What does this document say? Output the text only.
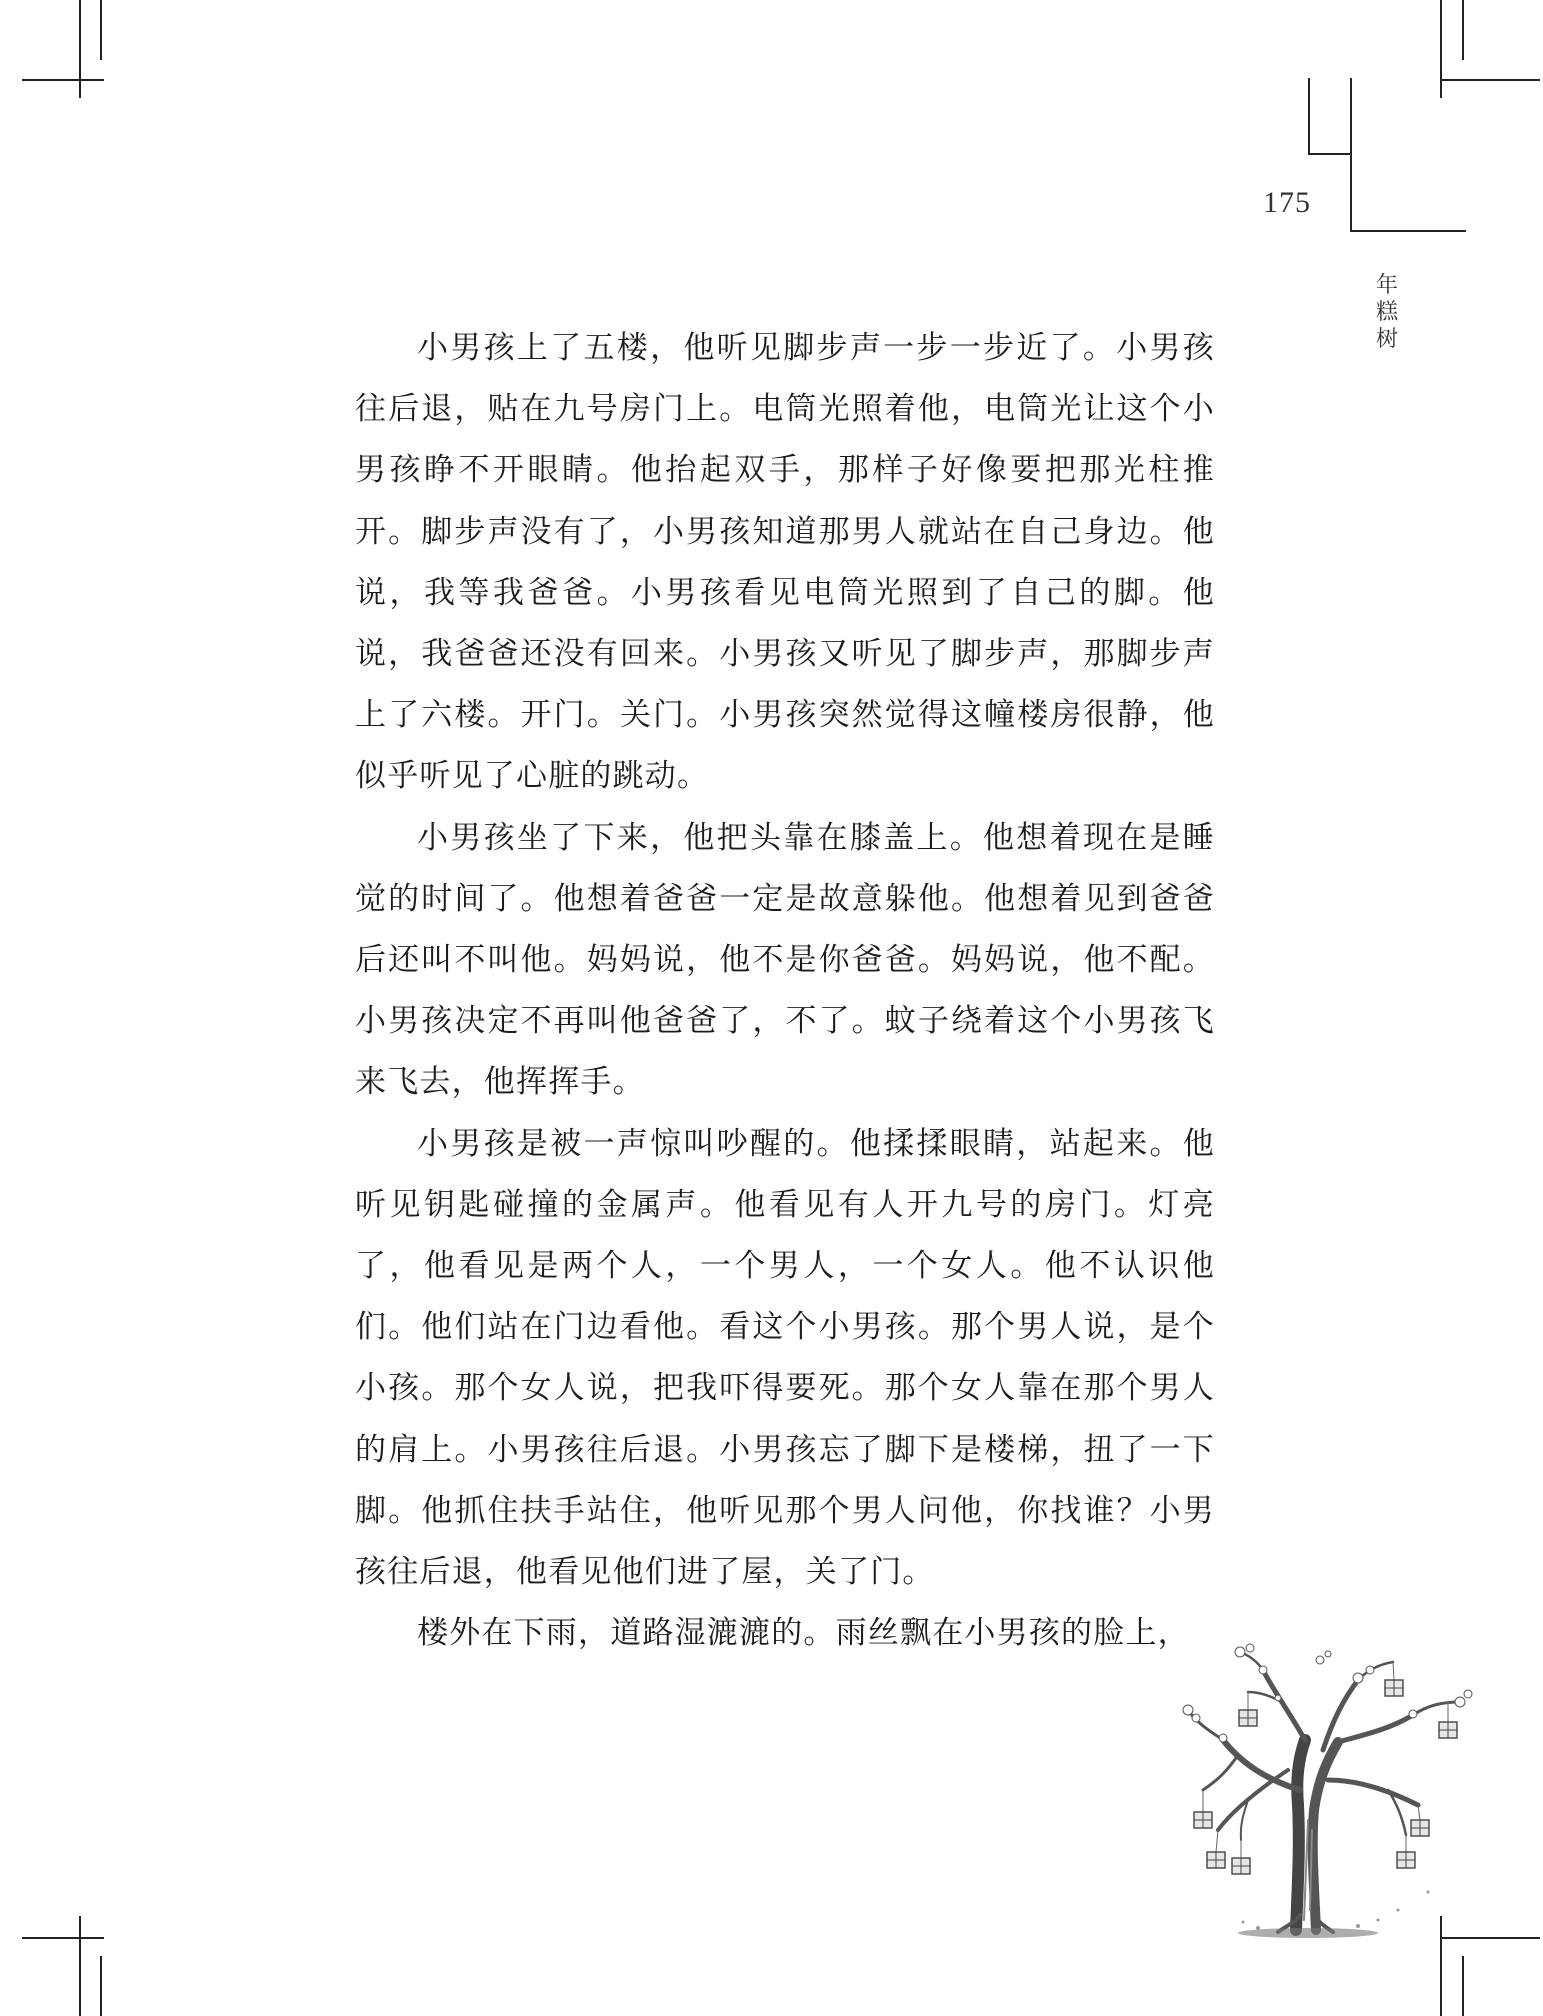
175
年
糕
树

小男孩上了五楼，他听见脚步声一步一步近了。小男孩往后退，贴在九号房门上。电筒光照着他，电筒光让这个小男孩睁不开眼睛。他抬起双手，那样子好像要把那光柱推开。脚步声没有了，小男孩知道那男人就站在自己身边。他说，我等我爸爸。小男孩看见电筒光照到了自己的脚。他说，我爸爸还没有回来。小男孩又听见了脚步声，那脚步声上了六楼。开门。关门。小男孩突然觉得这幢楼房很静，他似乎听见了心脏的跳动。

小男孩坐了下来，他把头靠在膝盖上。他想着现在是睡觉的时间了。他想着爸爸一定是故意躲他。他想着见到爸爸后还叫不叫他。妈妈说，他不是你爸爸。妈妈说，他不配。小男孩决定不再叫他爸爸了，不了。蚊子绕着这个小男孩飞来飞去，他挥挥手。

小男孩是被一声惊叫吵醒的。他揉揉眼睛，站起来。他听见钥匙碰撞的金属声。他看见有人开九号的房门。灯亮了，他看见是两个人，一个男人，一个女人。他不认识他们。他们站在门边看他。看这个小男孩。那个男人说，是个小孩。那个女人说，把我吓得要死。那个女人靠在那个男人的肩上。小男孩往后退。小男孩忘了脚下是楼梯，扭了一下脚。他抓住扶手站住，他听见那个男人问他，你找谁？小男孩往后退，他看见他们进了屋，关了门。

楼外在下雨，道路湿漉漉的。雨丝飘在小男孩的脸上，
